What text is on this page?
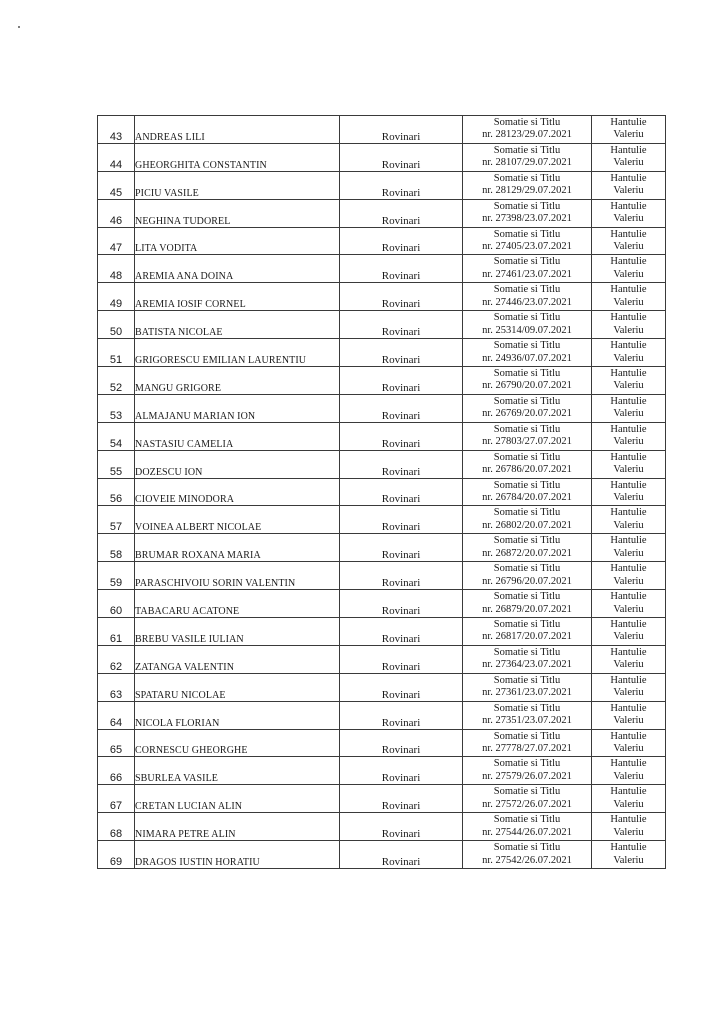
43	ANDREAS LILI	Rovinari	Somatie si Titlu
nr. 28123/29.07.2021	Hantulie
Valeriu

44	GHEORGHITA CONSTANTIN	Rovinari	Somatie si Titlu
nr. 28107/29.07.2021	Hantulie
Valeriu

45	PICIU VASILE	Rovinari	Somatie si Titlu
nr. 28129/29.07.2021	Hantulie
Valeriu

46	NEGHINA TUDOREL	Rovinari	Somatie si Titlu
nr. 27398/23.07.2021	Hantulie
Valeriu

47	LITA VODITA	Rovinari	Somatie si Titlu
nr. 27405/23.07.2021	Hantulie
Valeriu

48	AREMIA ANA DOINA	Rovinari	Somatie si Titlu
nr. 27461/23.07.2021	Hantulie
Valeriu

49	AREMIA IOSIF CORNEL	Rovinari	Somatie si Titlu
nr. 27446/23.07.2021	Hantulie
Valeriu

50	BATISTA NICOLAE	Rovinari	Somatie si Titlu
nr. 25314/09.07.2021	Hantulie
Valeriu

51	GRIGORESCU EMILIAN LAURENTIU	Rovinari	Somatie si Titlu
nr. 24936/07.07.2021	Hantulie
Valeriu

52	MANGU GRIGORE	Rovinari	Somatie si Titlu
nr. 26790/20.07.2021	Hantulie
Valeriu

53	ALMAJANU MARIAN ION	Rovinari	Somatie si Titlu
nr. 26769/20.07.2021	Hantulie
Valeriu

54	NASTASIU CAMELIA	Rovinari	Somatie si Titlu
nr. 27803/27.07.2021	Hantulie
Valeriu

55	DOZESCU ION	Rovinari	Somatie si Titlu
nr. 26786/20.07.2021	Hantulie
Valeriu

56	CIOVEIE MINODORA	Rovinari	Somatie si Titlu
nr. 26784/20.07.2021	Hantulie
Valeriu

57	VOINEA ALBERT NICOLAE	Rovinari	Somatie si Titlu
nr. 26802/20.07.2021	Hantulie
Valeriu

58	BRUMAR ROXANA MARIA	Rovinari	Somatie si Titlu
nr. 26872/20.07.2021	Hantulie
Valeriu

59	PARASCHIVOIU SORIN VALENTIN	Rovinari	Somatie si Titlu
nr. 26796/20.07.2021	Hantulie
Valeriu

60	TABACARU ACATONE	Rovinari	Somatie si Titlu
nr. 26879/20.07.2021	Hantulie
Valeriu

61	BREBU VASILE IULIAN	Rovinari	Somatie si Titlu
nr. 26817/20.07.2021	Hantulie
Valeriu

62	ZATANGA VALENTIN	Rovinari	Somatie si Titlu
nr. 27364/23.07.2021	Hantulie
Valeriu

63	SPATARU NICOLAE	Rovinari	Somatie si Titlu
nr. 27361/23.07.2021	Hantulie
Valeriu

64	NICOLA FLORIAN	Rovinari	Somatie si Titlu
nr. 27351/23.07.2021	Hantulie
Valeriu

65	CORNESCU GHEORGHE	Rovinari	Somatie si Titlu
nr. 27778/27.07.2021	Hantulie
Valeriu

66	SBURLEA VASILE	Rovinari	Somatie si Titlu
nr. 27579/26.07.2021	Hantulie
Valeriu

67	CRETAN LUCIAN ALIN	Rovinari	Somatie si Titlu
nr. 27572/26.07.2021	Hantulie
Valeriu

68	NIMARA PETRE ALIN	Rovinari	Somatie si Titlu
nr. 27544/26.07.2021	Hantulie
Valeriu

69	DRAGOS IUSTIN HORATIU	Rovinari	Somatie si Titlu
nr. 27542/26.07.2021	Hantulie
Valeriu
